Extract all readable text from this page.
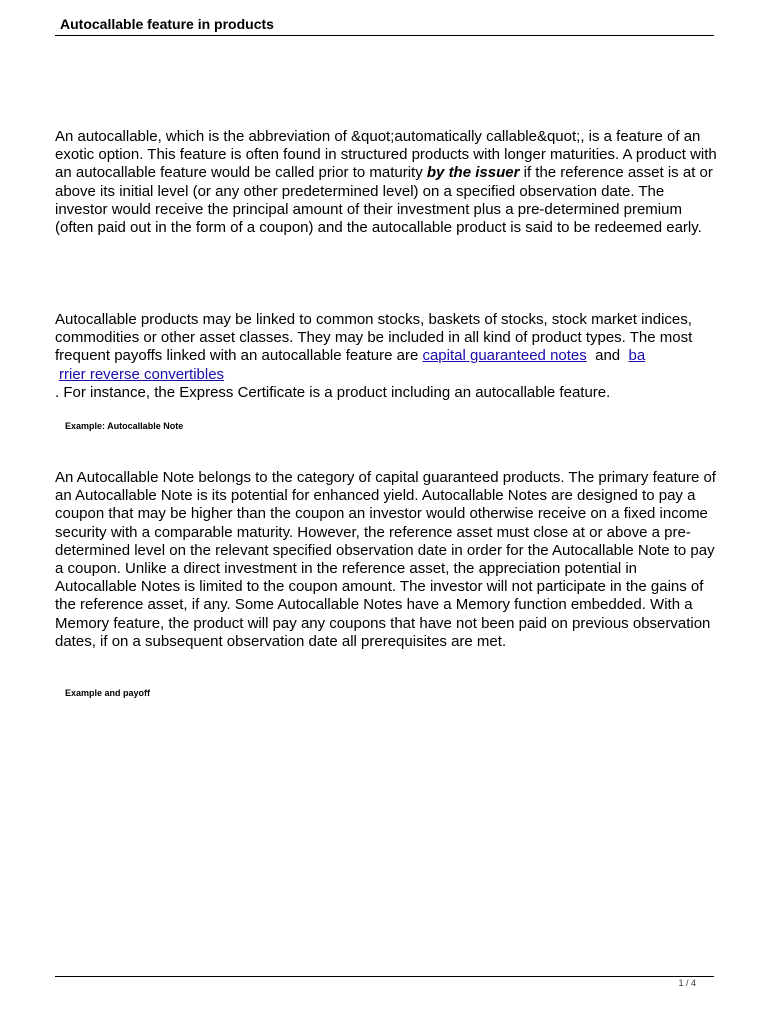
Autocallable feature in products

An autocallable, which is the abbreviation of &quot;automatically callable&quot;, is a feature of an exotic option. This feature is often found in structured products with longer maturities. A product with an autocallable feature would be called prior to maturity by the issuer if the reference asset is at or above its initial level (or any other predetermined level) on a specified observation date. The investor would receive the principal amount of their investment plus a pre-determined premium (often paid out in the form of a coupon) and the autocallable product is said to be redeemed early.

Autocallable products may be linked to common stocks, baskets of stocks, stock market indices, commodities or other asset classes. They may be included in all kind of product types. The most frequent payoffs linked with an autocallable feature are capital guaranteed notes and ba
rrier reverse convertibles
. For instance, the Express Certificate is a product including an autocallable feature.

Example: Autocallable Note

An Autocallable Note belongs to the category of capital guaranteed products. The primary feature of an Autocallable Note is its potential for enhanced yield. Autocallable Notes are designed to pay a coupon that may be higher than the coupon an investor would otherwise receive on a fixed income security with a comparable maturity. However, the reference asset must close at or above a pre-determined level on the relevant specified observation date in order for the Autocallable Note to pay a coupon. Unlike a direct investment in the reference asset, the appreciation potential in Autocallable Notes is limited to the coupon amount. The investor will not participate in the gains of the reference asset, if any. Some Autocallable Notes have a Memory function embedded. With a Memory feature, the product will pay any coupons that have not been paid on previous observation dates, if on a subsequent observation date all prerequisites are met.

Example and payoff
1 / 4
